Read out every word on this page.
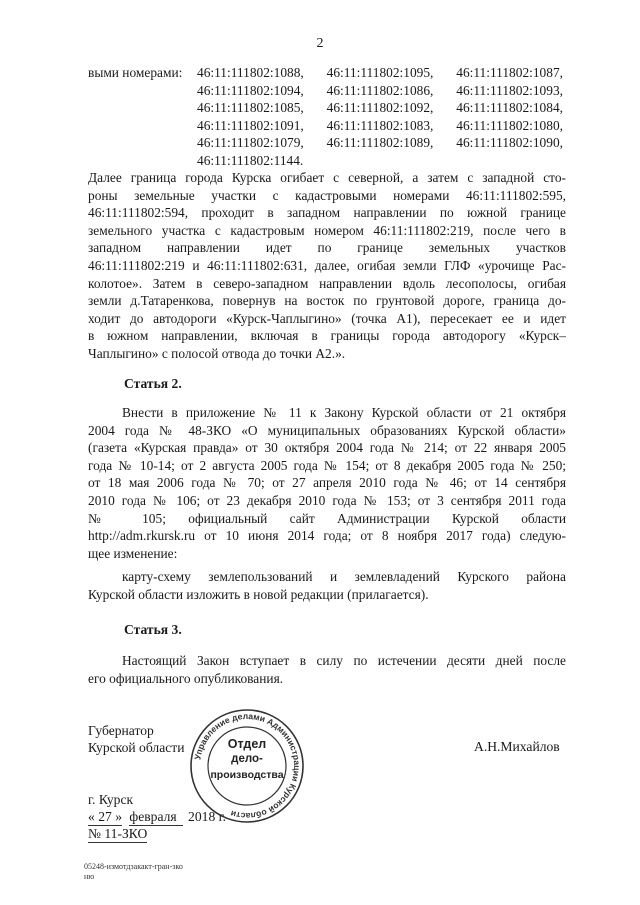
2
выми номерами: 46:11:111802:1088, 46:11:111802:1095, 46:11:111802:1087,
46:11:111802:1094, 46:11:111802:1086, 46:11:111802:1093,
46:11:111802:1085, 46:11:111802:1092, 46:11:111802:1084,
46:11:111802:1091, 46:11:111802:1083, 46:11:111802:1080,
46:11:111802:1079, 46:11:111802:1089, 46:11:111802:1090,
46:11:111802:1144.
Далее граница города Курска огибает с северной, а затем с западной сто-
роны земельные участки с кадастровыми номерами 46:11:111802:595,
46:11:111802:594, проходит в западном направлении по южной границе
земельного участка с кадастровым номером 46:11:111802:219, после чего в
западном направлении идет по границе земельных участков
46:11:111802:219 и 46:11:111802:631, далее, огибая земли ГЛФ «урочище Рас-
колотое». Затем в северо-западном направлении вдоль лесополосы, огибая
земли д.Татаренкова, повернув на восток по грунтовой дороге, граница до-
ходит до автодороги «Курск-Чаплыгино» (точка А1), пересекает ее и идет
в южном направлении, включая в границы города автодорогу «Курск–
Чаплыгино» с полосой отвода до точки А2.».
Статья 2.
Внести в приложение № 11 к Закону Курской области от 21 октября
2004 года № 48-ЗКО «О муниципальных образованиях Курской области»
(газета «Курская правда» от 30 октября 2004 года № 214; от 22 января 2005
года № 10-14; от 2 августа 2005 года № 154; от 8 декабря 2005 года № 250;
от 18 мая 2006 года № 70; от 27 апреля 2010 года № 46; от 14 сентября
2010 года № 106; от 23 декабря 2010 года № 153; от 3 сентября 2011 года
№ 105; официальный сайт Администрации Курской области
http://adm.rkursk.ru от 10 июня 2014 года; от 8 ноября 2017 года) следую-
щее изменение:
карту-схему землепользований и землевладений Курского района
Курской области изложить в новой редакции (прилагается).
Статья 3.
Настоящий Закон вступает в силу по истечении десяти дней после
его официального опубликования.
Управление делами Администрации Курской области
Отдел
дело-
производства
Губернатор
Курской области	А.Н.Михайлов
г. Курск
« 27 » февраля 2018 г.
№ 11-ЗКО
05248-измотдзакакт-гран-зко
ню
